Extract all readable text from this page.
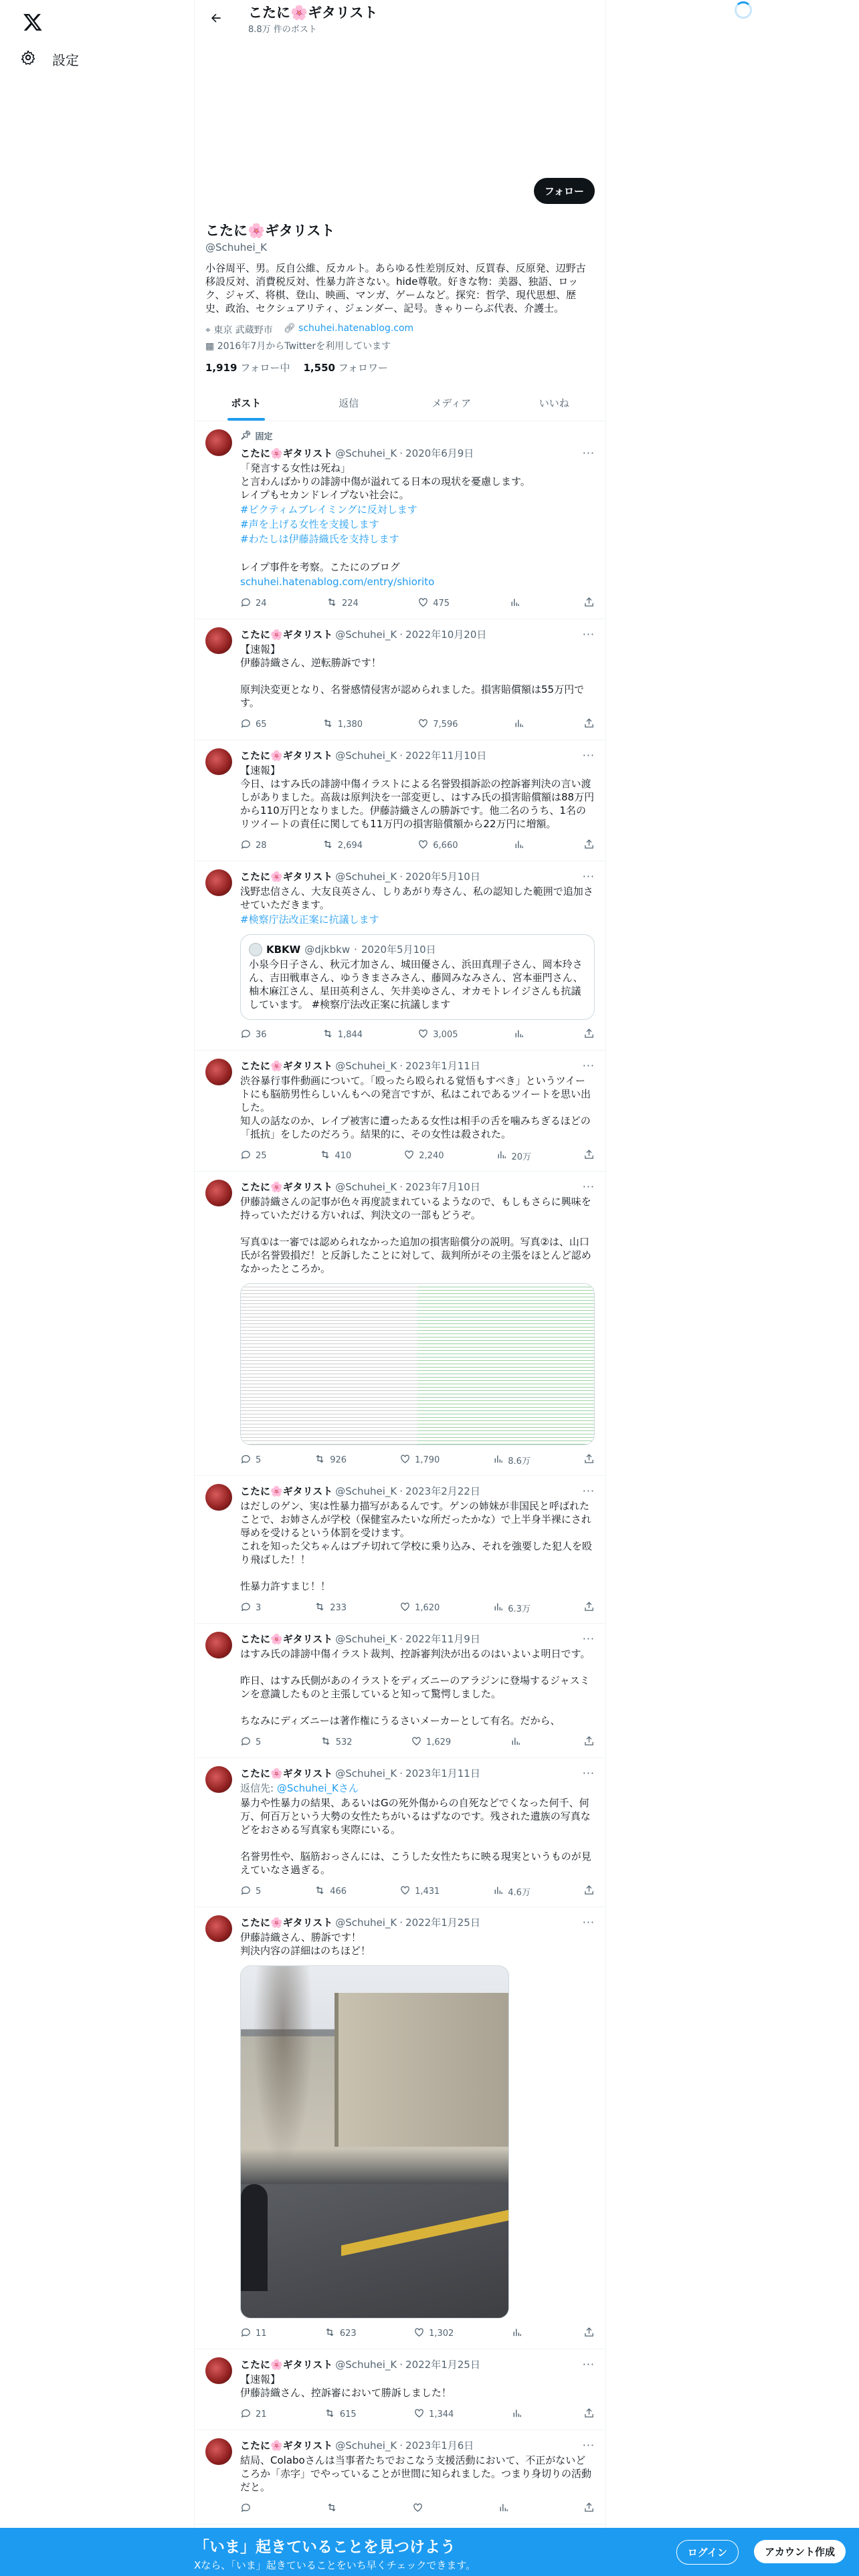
設定
こたに🌸ギタリスト
8.8万 件のポスト
フォロー
こたに🌸ギタリスト
@Schuhei_K
小谷周平、男。反自公維、反カルト。あらゆる性差別反対、反買春、反原発、辺野古移設反対、消費税反対、性暴力許さない。hide尊敬。好きな物：美器、独語、ロック、ジャズ、将棋、登山、映画、マンガ、ゲームなど。探究：哲学、現代思想、歴史、政治、セクシュアリティ、ジェンダー、記号。きゃりーらぶ代表、介護士。
⌖ 東京 武蔵野市 🔗︎ schuhei.hatenablog.com
▦ 2016年7月からTwitterを利用しています
1,919 フォロー中 1,550 フォロワー
ポスト	返信	メディア	いいね
📌︎ 固定
こたに🌸ギタリスト @Schuhei_K · 2020年6月9日	···
「発言する女性は死ね」
と言わんばかりの誹謗中傷が溢れてる日本の現状を憂慮します。
レイプもセカンドレイプない社会に。
#ビクティムブレイミングに反対します
#声を上げる女性を支援します
#わたしは伊藤詩織氏を支持します

レイプ事件を考察。こたにのブログ
schuhei.hatenablog.com/entry/shiorito
24	224	475
こたに🌸ギタリスト @Schuhei_K · 2022年10月20日	···
【速報】
伊藤詩織さん、逆転勝訴です！

原判決変更となり、名誉感情侵害が認められました。損害賠償額は55万円です。
65	1,380	7,596
こたに🌸ギタリスト @Schuhei_K · 2022年11月10日	···
【速報】
今日、はすみ氏の誹謗中傷イラストによる名誉毀損訴訟の控訴審判決の言い渡しがありました。高裁は原判決を一部変更し、はすみ氏の損害賠償額は88万円から110万円となりました。伊藤詩織さんの勝訴です。他二名のうち、1名のリツイートの責任に関しても11万円の損害賠償額から22万円に増額。
28	2,694	6,660
こたに🌸ギタリスト @Schuhei_K · 2020年5月10日	···
浅野忠信さん、大友良英さん、しりあがり寿さん、私の認知した範囲で追加させていただきます。
#検察庁法改正案に抗議します
KBKW @djkbkw · 2020年5月10日
小泉今日子さん、秋元才加さん、城田優さん、浜田真理子さん、岡本玲さん、吉田戦車さん、ゆうきまさみさん、藤岡みなみさん、宮本亜門さん、柚木麻江さん、星田英利さん、矢井美ゆさん、オカモトレイジさんも抗議しています。 #検察庁法改正案に抗議します
36	1,844	3,005
こたに🌸ギタリスト @Schuhei_K · 2023年1月11日	···
渋谷暴行事件動画について。「殴ったら殴られる覚悟もすべき」というツイートにも脳筋男性らしいんもへの発言ですが、私はこれであるツイートを思い出した。
知人の話なのか、レイプ被害に遭ったある女性は相手の舌を噛みちぎるほどの「抵抗」をしたのだろう。結果的に、その女性は殺された。
25	410	2,240	20万
こたに🌸ギタリスト @Schuhei_K · 2023年7月10日	···
伊藤詩織さんの記事が色々再度読まれているようなので、もしもさらに興味を持っていただける方いれば、判決文の一部もどうぞ。

写真①は一審では認められなかった追加の損害賠償分の説明。写真②は、山口氏が名誉毀損だ！と反訴したことに対して、裁判所がその主張をほとんど認めなかったところか。
5	926	1,790	8.6万
こたに🌸ギタリスト @Schuhei_K · 2023年2月22日	···
はだしのゲン、実は性暴力描写があるんです。ゲンの姉妹が非国民と呼ばれたことで、お姉さんが学校（保健室みたいな所だったかな）で上半身半裸にされ辱めを受けるという体罰を受けます。
これを知った父ちゃんはブチ切れて学校に乗り込み、それを強要した犯人を殴り飛ばした！！

性暴力許すまじ！！
3	233	1,620	6.3万
こたに🌸ギタリスト @Schuhei_K · 2022年11月9日	···
はすみ氏の誹謗中傷イラスト裁判、控訴審判決が出るのはいよいよ明日です。

昨日、はすみ氏側があのイラストをディズニーのアラジンに登場するジャスミンを意識したものと主張していると知って驚愕しました。

ちなみにディズニーは著作権にうるさいメーカーとして有名。だから、
5	532	1,629
こたに🌸ギタリスト @Schuhei_K · 2023年1月11日	···
返信先: @Schuhei_Kさん
暴力や性暴力の結果、あるいはGの死外傷からの自死などでくなった何千、何万、何百万という大勢の女性たちがいるはずなのです。残された遺族の写真などをおさめる写真家も実際にいる。

名誉男性や、脳筋おっさんには、こうした女性たちに映る現実というものが見えていなさ過ぎる。
5	466	1,431	4.6万
こたに🌸ギタリスト @Schuhei_K · 2022年1月25日	···
伊藤詩織さん、勝訴です！
判決内容の詳細はのちほど！
11	623	1,302
こたに🌸ギタリスト @Schuhei_K · 2022年1月25日	···
【速報】
伊藤詩織さん、控訴審において勝訴しました！
21	615	1,344
こたに🌸ギタリスト @Schuhei_K · 2023年1月6日	···
結局、Colaboさんは当事者たちでおこなう支援活動において、不正がないどころか「赤字」でやっていることが世間に知られました。つまり身切りの活動だと。
「いま」起きていることを見つけよう
Xなら、「いま」起きていることをいち早くチェックできます。
ログイン	アカウント作成
